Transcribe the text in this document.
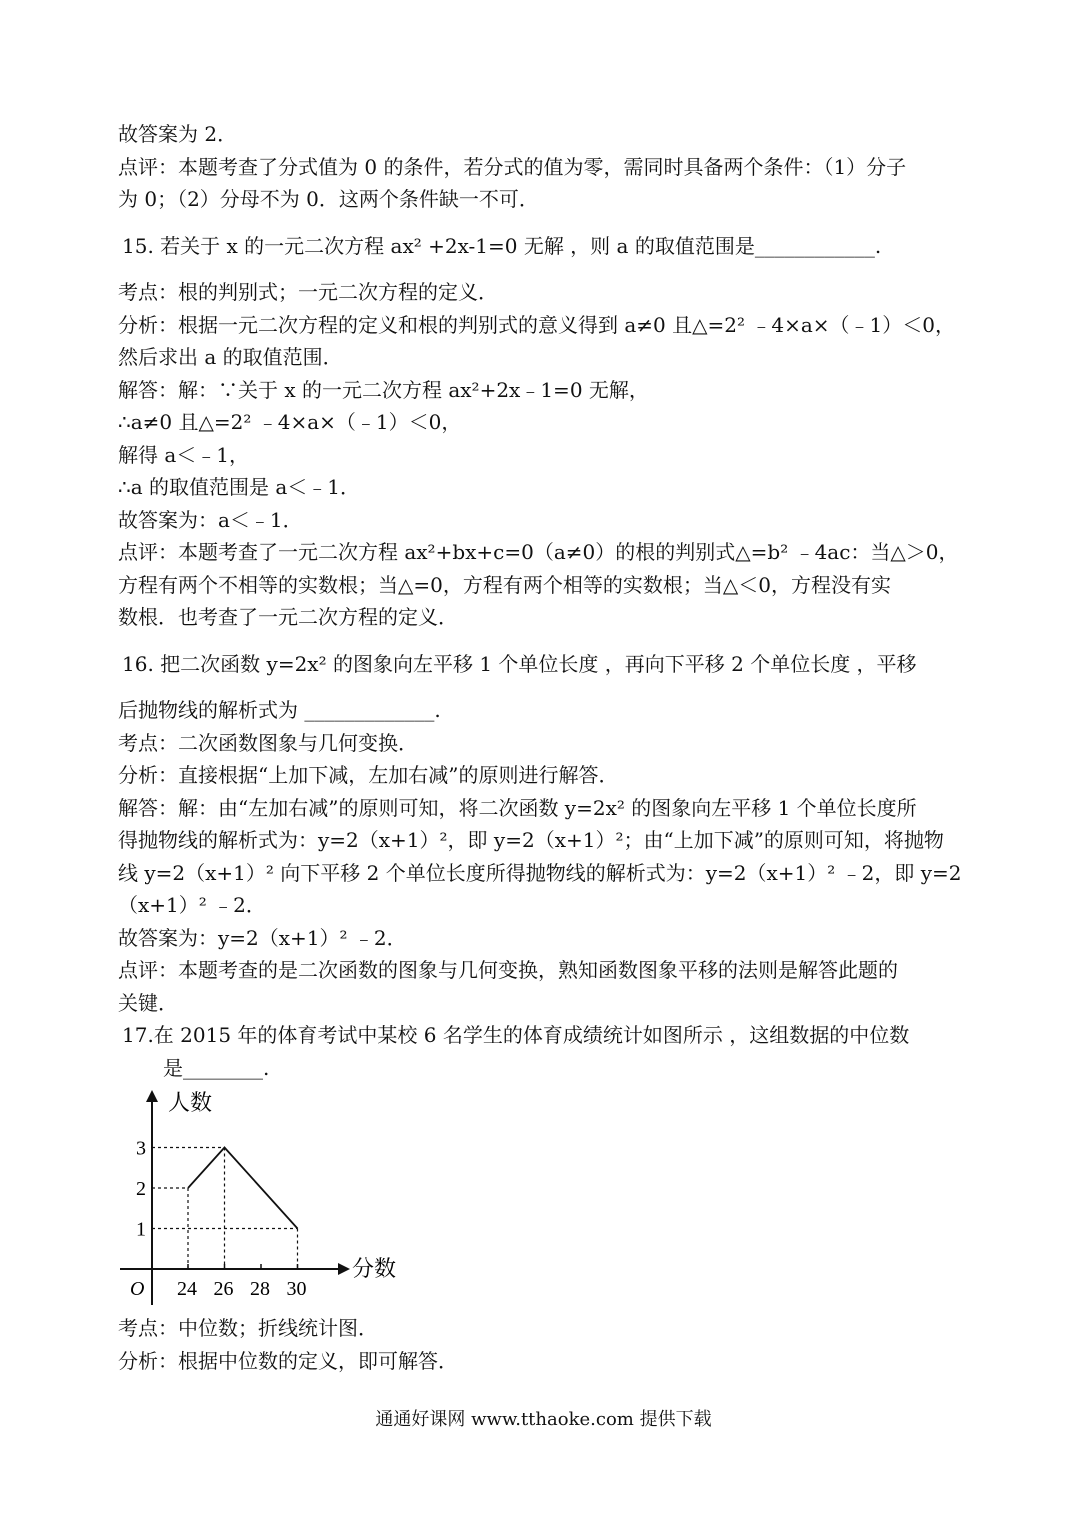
故答案为 2．
点评：本题考查了分式值为 0 的条件，若分式的值为零，需同时具备两个条件：（1）分子
为 0；（2）分母不为 0．这两个条件缺一不可．
15. 若关于 x 的一元二次方程 ax² +2x-1=0 无解 ，则 a 的取值范围是____________.
考点：根的判别式；一元二次方程的定义．
分析：根据一元二次方程的定义和根的判别式的意义得到 a≠0 且△=2² ﹣4×a×（﹣1）＜0，
然后求出 a 的取值范围．
解答：解：∵关于 x 的一元二次方程 ax²+2x﹣1=0 无解，
∴a≠0 且△=2² ﹣4×a×（﹣1）＜0，
解得 a＜﹣1，
∴a 的取值范围是 a＜﹣1．
故答案为：a＜﹣1．
点评：本题考查了一元二次方程 ax²+bx+c=0（a≠0）的根的判别式△=b² ﹣4ac：当△＞0，
方程有两个不相等的实数根；当△=0，方程有两个相等的实数根；当△＜0，方程没有实
数根．也考查了一元二次方程的定义．
16. 把二次函数 y=2x² 的图象向左平移 1 个单位长度 ，再向下平移 2 个单位长度 ，平移
后抛物线的解析式为 _____________.
考点：二次函数图象与几何变换．
分析：直接根据“上加下减，左加右减”的原则进行解答．
解答：解：由“左加右减”的原则可知，将二次函数 y=2x² 的图象向左平移 1 个单位长度所
得抛物线的解析式为：y=2（x+1）²，即 y=2（x+1）²；由“上加下减”的原则可知，将抛物
线 y=2（x+1）² 向下平移 2 个单位长度所得抛物线的解析式为：y=2（x+1）² ﹣2，即 y=2
（x+1）² ﹣2．
故答案为：y=2（x+1）² ﹣2．
点评：本题考查的是二次函数的图象与几何变换，熟知函数图象平移的法则是解答此题的
关键．
17.在 2015 年的体育考试中某校 6 名学生的体育成绩统计如图所示 ，这组数据的中位数
是________.
人数
分数
O
1
2
3
24 26 28 30
考点：中位数；折线统计图．
分析：根据中位数的定义，即可解答．
通通好课网 www.tthaoke.com 提供下载
